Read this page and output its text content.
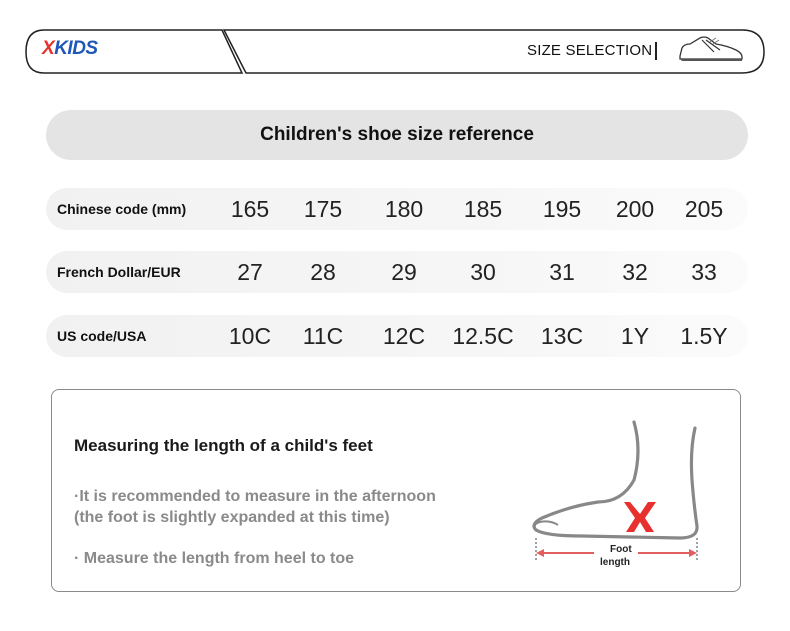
XKIDS	SIZE SELECTION
Children's shoe size reference
Chinese code (mm)	165	175	180	185	195	200	205
French Dollar/EUR	27	28	29	30	31	32	33
US code/USA	10C	11C	12C	12.5C	13C	1Y	1.5Y
Measuring the length of a child's feet
·It is recommended to measure in the afternoon (the foot is slightly expanded at this time)
· Measure the length from heel to toe
Foot
length
